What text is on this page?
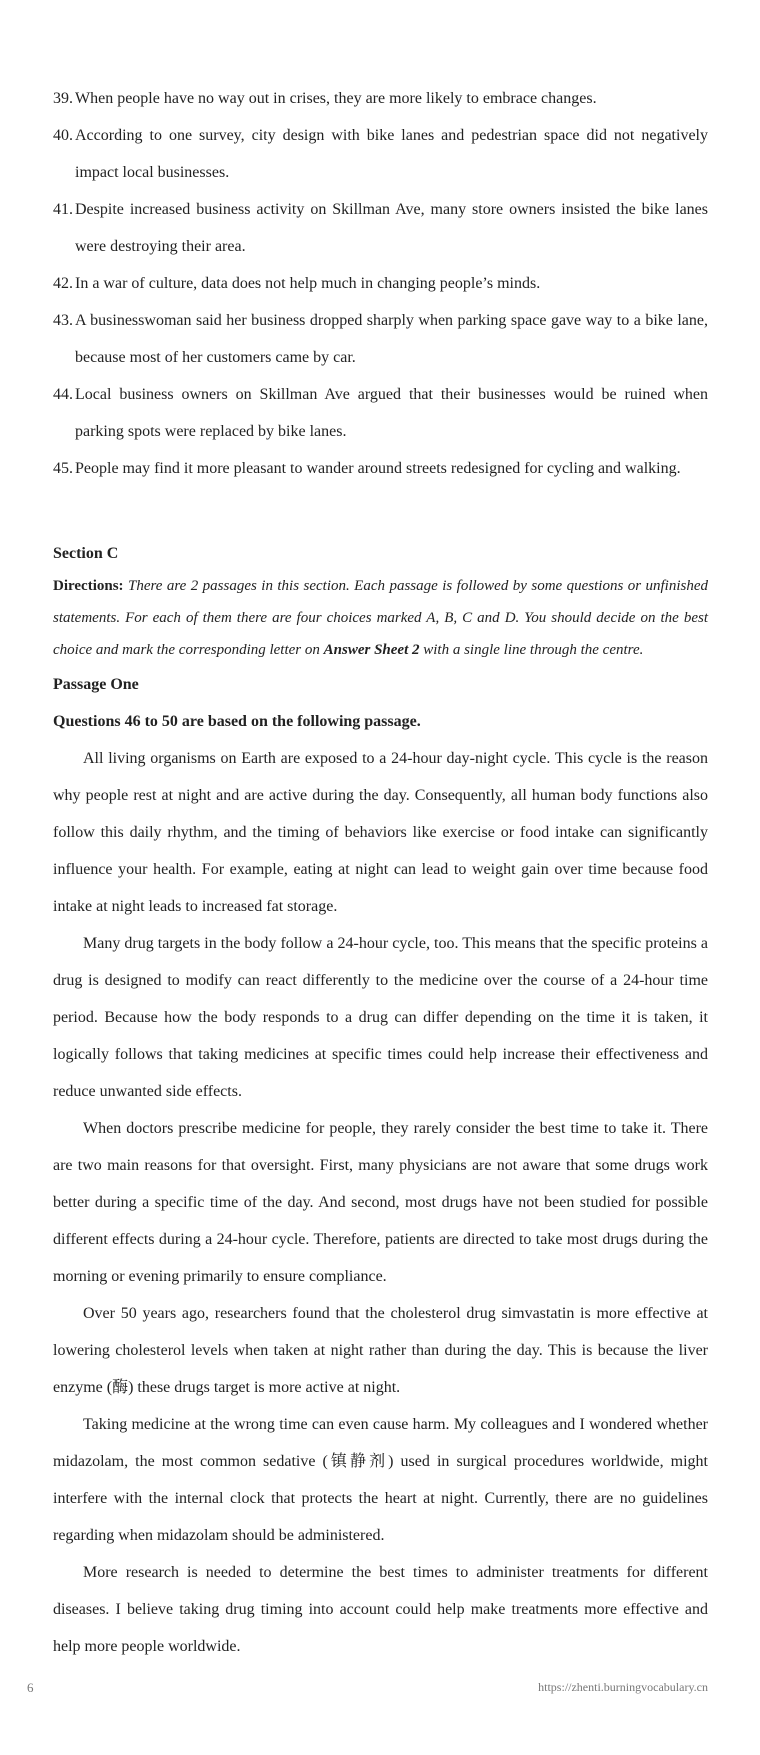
39. When people have no way out in crises, they are more likely to embrace changes.
40. According to one survey, city design with bike lanes and pedestrian space did not negatively impact local businesses.
41. Despite increased business activity on Skillman Ave, many store owners insisted the bike lanes were destroying their area.
42. In a war of culture, data does not help much in changing people’s minds.
43. A businesswoman said her business dropped sharply when parking space gave way to a bike lane, because most of her customers came by car.
44. Local business owners on Skillman Ave argued that their businesses would be ruined when parking spots were replaced by bike lanes.
45. People may find it more pleasant to wander around streets redesigned for cycling and walking.
Section C
Directions: There are 2 passages in this section. Each passage is followed by some questions or unfinished statements. For each of them there are four choices marked A, B, C and D. You should decide on the best choice and mark the corresponding letter on Answer Sheet 2 with a single line through the centre.
Passage One
Questions 46 to 50 are based on the following passage.

All living organisms on Earth are exposed to a 24-hour day-night cycle. This cycle is the reason why people rest at night and are active during the day. Consequently, all human body functions also follow this daily rhythm, and the timing of behaviors like exercise or food intake can significantly influence your health. For example, eating at night can lead to weight gain over time because food intake at night leads to increased fat storage.

Many drug targets in the body follow a 24-hour cycle, too. This means that the specific proteins a drug is designed to modify can react differently to the medicine over the course of a 24-hour time period. Because how the body responds to a drug can differ depending on the time it is taken, it logically follows that taking medicines at specific times could help increase their effectiveness and reduce unwanted side effects.

When doctors prescribe medicine for people, they rarely consider the best time to take it. There are two main reasons for that oversight. First, many physicians are not aware that some drugs work better during a specific time of the day. And second, most drugs have not been studied for possible different effects during a 24-hour cycle. Therefore, patients are directed to take most drugs during the morning or evening primarily to ensure compliance.

Over 50 years ago, researchers found that the cholesterol drug simvastatin is more effective at lowering cholesterol levels when taken at night rather than during the day. This is because the liver enzyme (酶) these drugs target is more active at night.

Taking medicine at the wrong time can even cause harm. My colleagues and I wondered whether midazolam, the most common sedative (镇静剂) used in surgical procedures worldwide, might interfere with the internal clock that protects the heart at night. Currently, there are no guidelines regarding when midazolam should be administered.

More research is needed to determine the best times to administer treatments for different diseases. I believe taking drug timing into account could help make treatments more effective and help more people worldwide.

6	https://zhenti.burningvocabulary.cn
